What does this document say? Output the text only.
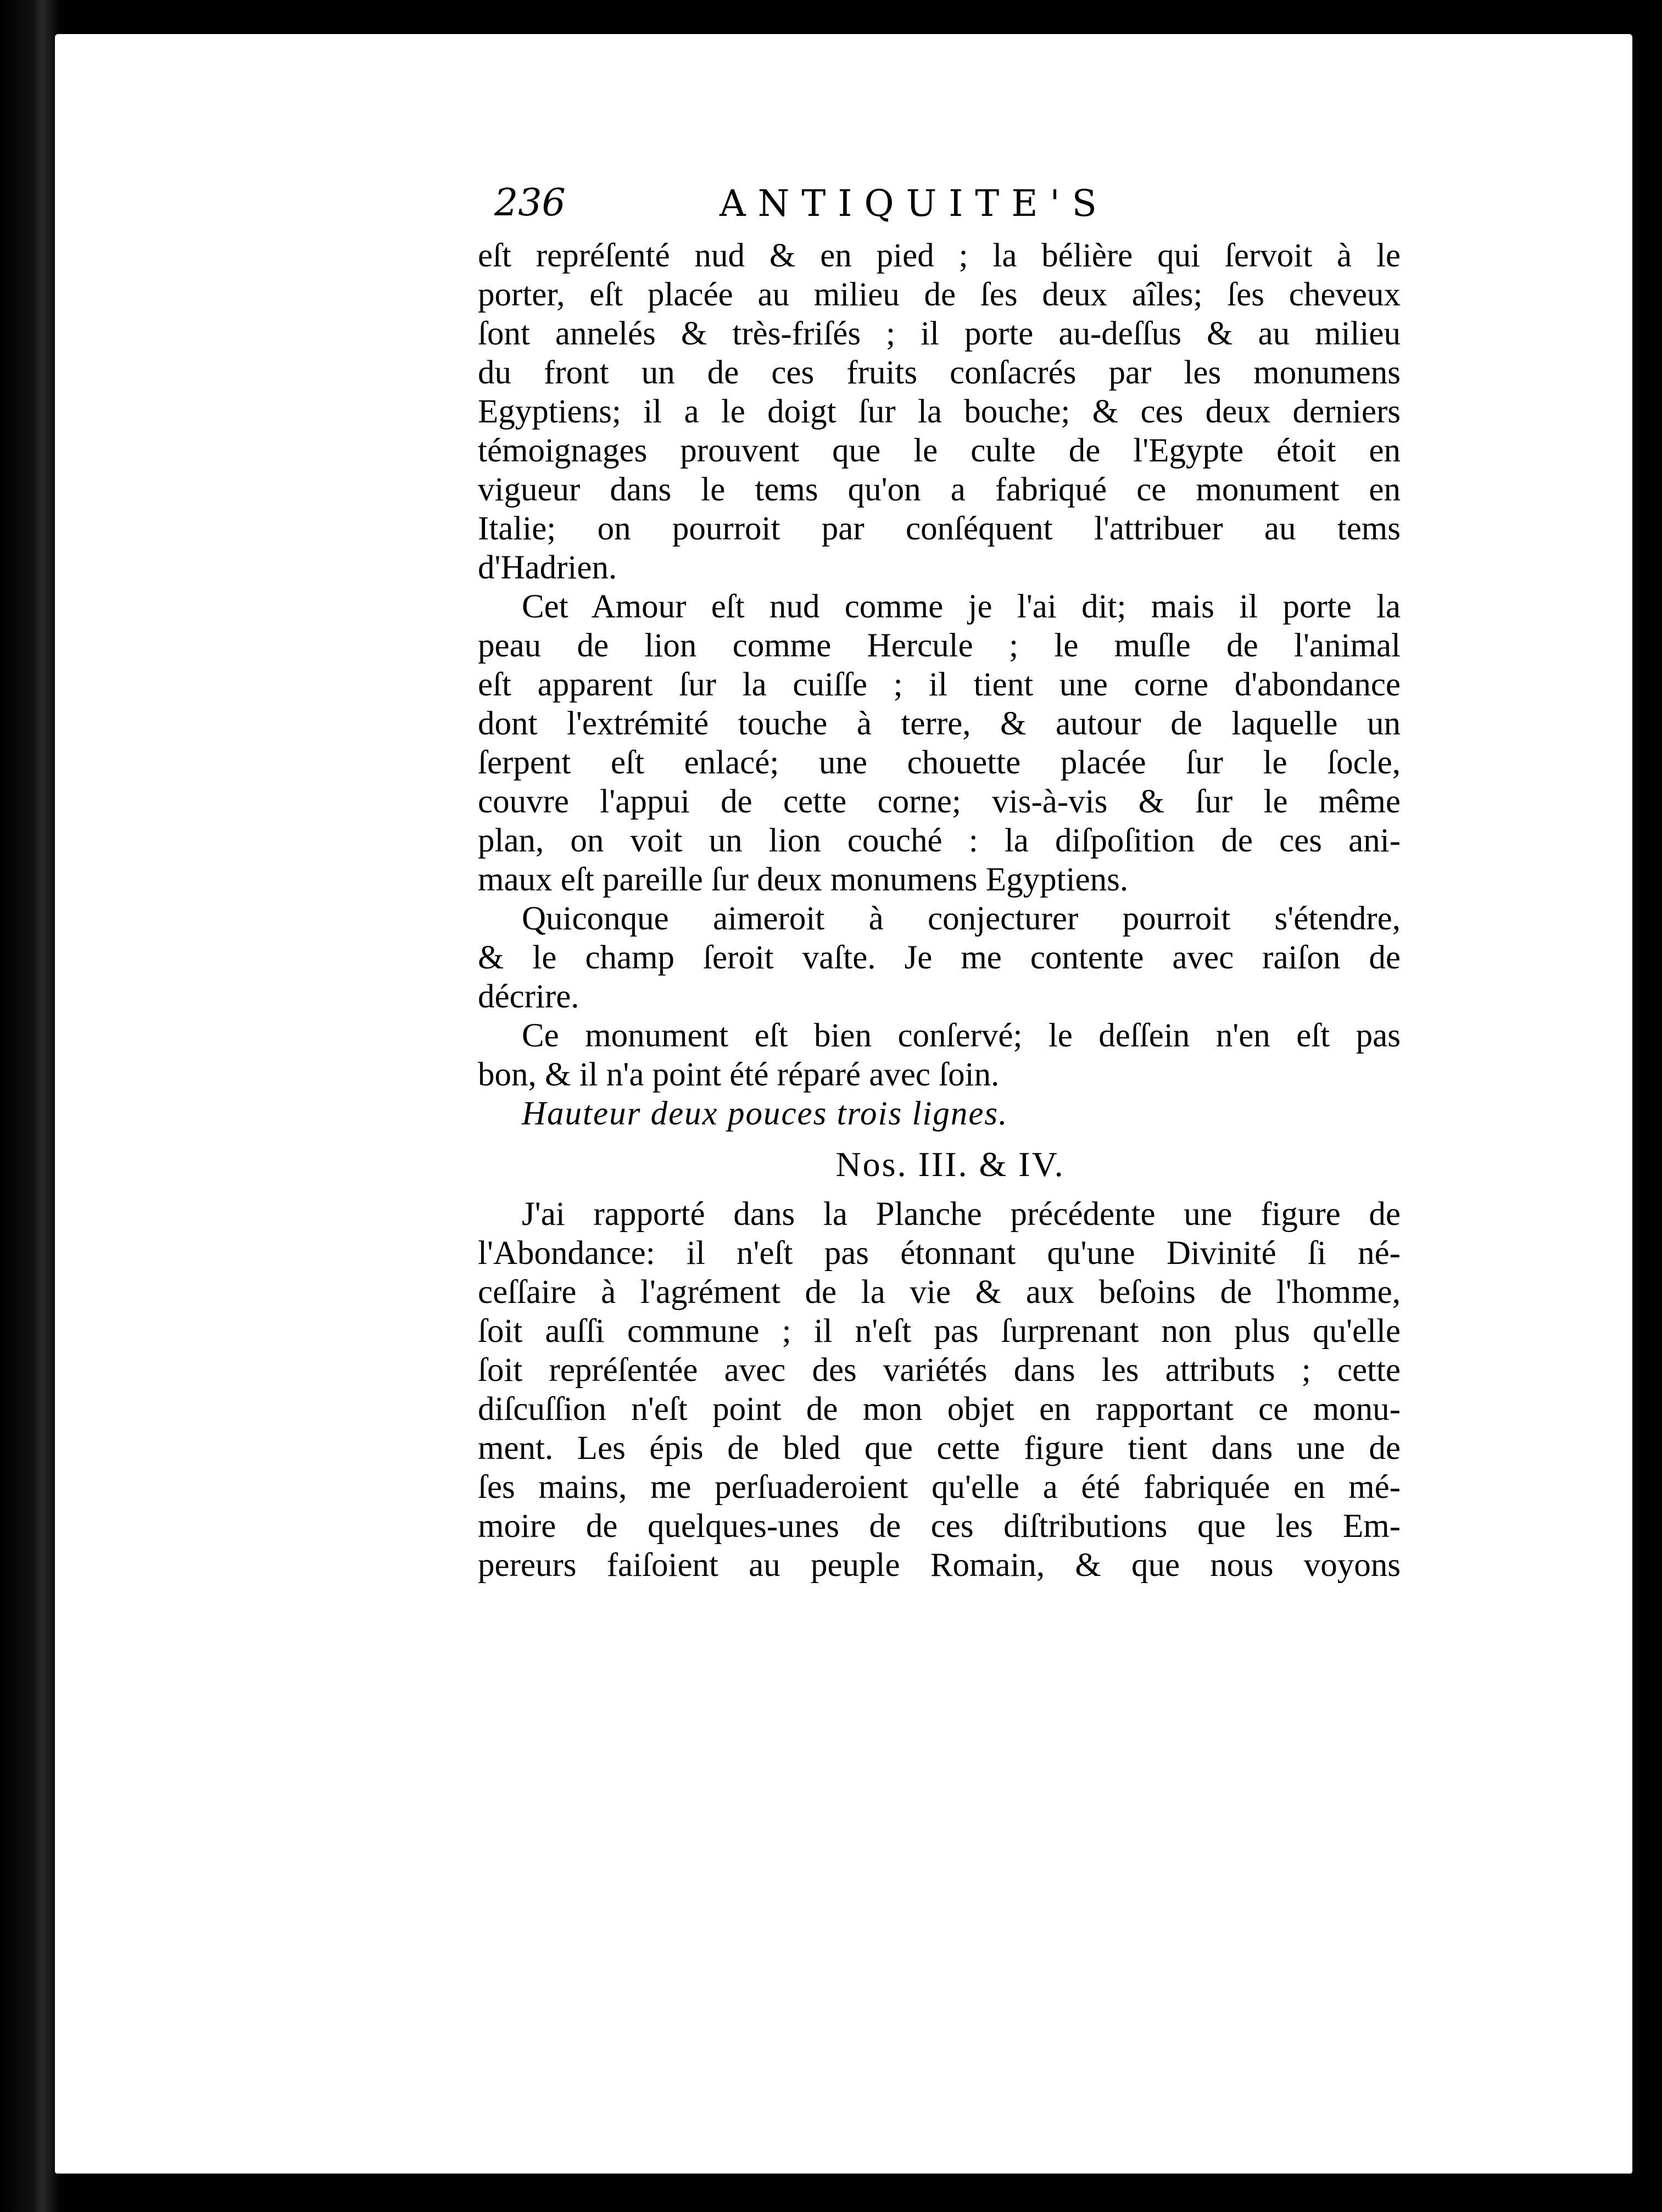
236	ANTIQUITE'S
eſt repréſenté nud & en pied ; la bélière qui ſervoit à le
porter, eſt placée au milieu de ſes deux aîles; ſes cheveux
ſont annelés & très-friſés ; il porte au-deſſus & au milieu
du front un de ces fruits conſacrés par les monumens
Egyptiens; il a le doigt ſur la bouche; & ces deux derniers
témoignages prouvent que le culte de l'Egypte étoit en
vigueur dans le tems qu'on a fabriqué ce monument en
Italie; on pourroit par conſéquent l'attribuer au tems
d'Hadrien.
Cet Amour eſt nud comme je l'ai dit; mais il porte la
peau de lion comme Hercule ; le muſle de l'animal
eſt apparent ſur la cuiſſe ; il tient une corne d'abondance
dont l'extrémité touche à terre, & autour de laquelle un
ſerpent eſt enlacé; une chouette placée ſur le ſocle,
couvre l'appui de cette corne; vis-à-vis & ſur le même
plan, on voit un lion couché : la diſpoſition de ces ani-
maux eſt pareille ſur deux monumens Egyptiens.
Quiconque aimeroit à conjecturer pourroit s'étendre,
& le champ ſeroit vaſte. Je me contente avec raiſon de
décrire.
Ce monument eſt bien conſervé; le deſſein n'en eſt pas
bon, & il n'a point été réparé avec ſoin.
Hauteur deux pouces trois lignes.
Nos. III. & IV.
J'ai rapporté dans la Planche précédente une figure de
l'Abondance: il n'eſt pas étonnant qu'une Divinité ſi né-
ceſſaire à l'agrément de la vie & aux beſoins de l'homme,
ſoit auſſi commune ; il n'eſt pas ſurprenant non plus qu'elle
ſoit repréſentée avec des variétés dans les attributs ; cette
diſcuſſion n'eſt point de mon objet en rapportant ce monu-
ment. Les épis de bled que cette figure tient dans une de
ſes mains, me perſuaderoient qu'elle a été fabriquée en mé-
moire de quelques-unes de ces diſtributions que les Em-
pereurs faiſoient au peuple Romain, & que nous voyons
